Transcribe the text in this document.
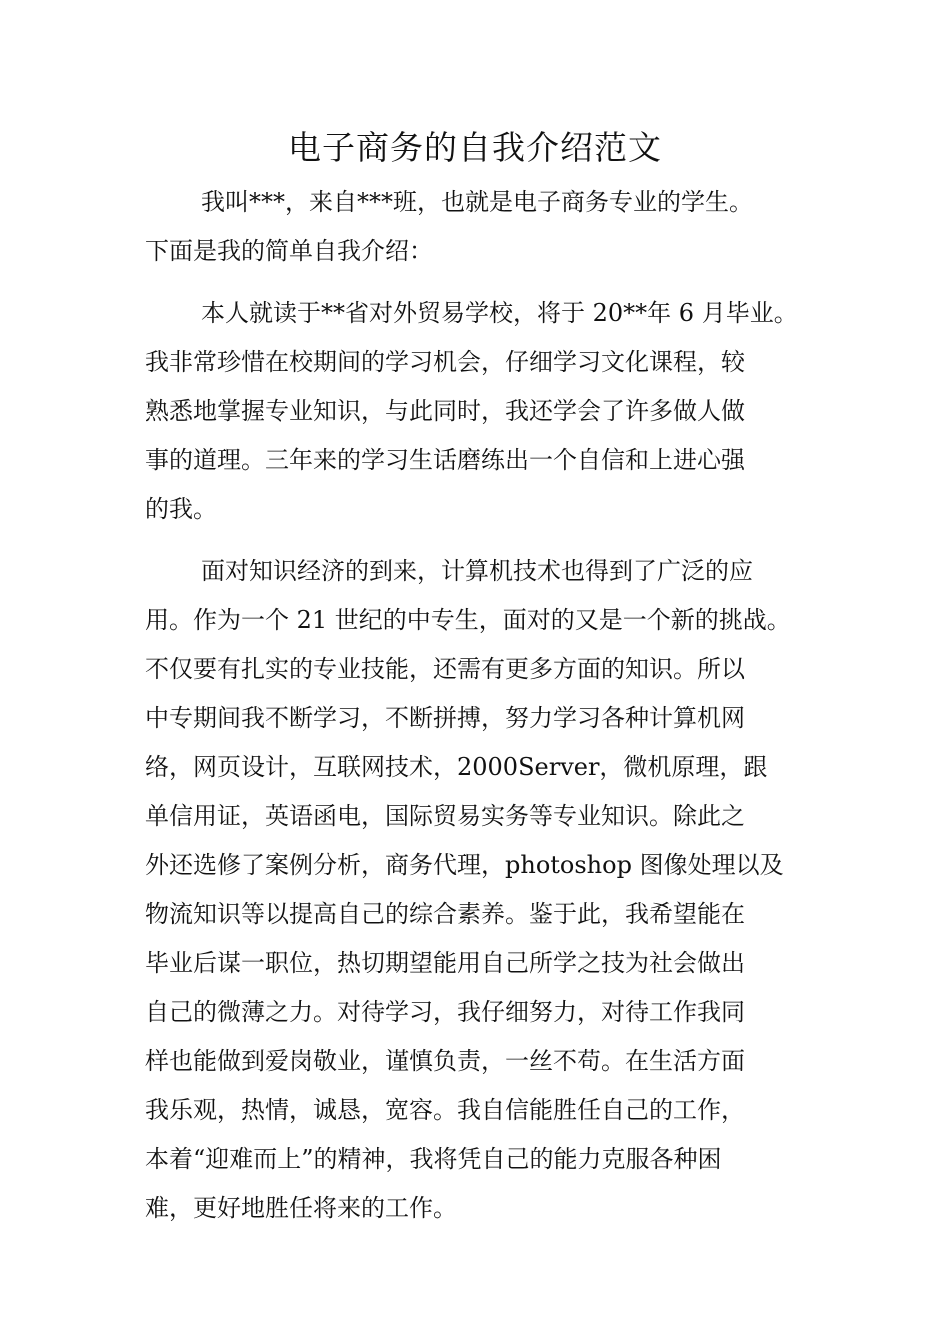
电子商务的自我介绍范文

我叫***，来自***班，也就是电子商务专业的学生。
下面是我的简单自我介绍：

本人就读于**省对外贸易学校，将于 20**年 6 月毕业。
我非常珍惜在校期间的学习机会，仔细学习文化课程，较
熟悉地掌握专业知识，与此同时，我还学会了许多做人做
事的道理。三年来的学习生话磨练出一个自信和上进心强
的我。

面对知识经济的到来，计算机技术也得到了广泛的应
用。作为一个 21 世纪的中专生，面对的又是一个新的挑战。
不仅要有扎实的专业技能，还需有更多方面的知识。所以
中专期间我不断学习，不断拼搏，努力学习各种计算机网
络，网页设计，互联网技术，2000Server，微机原理，跟
单信用证，英语函电，国际贸易实务等专业知识。除此之
外还选修了案例分析，商务代理，photoshop 图像处理以及
物流知识等以提高自己的综合素养。鉴于此，我希望能在
毕业后谋一职位，热切期望能用自己所学之技为社会做出
自己的微薄之力。对待学习，我仔细努力，对待工作我同
样也能做到爱岗敬业，谨慎负责，一丝不苟。在生活方面
我乐观，热情，诚恳，宽容。我自信能胜任自己的工作，
本着“迎难而上”的精神，我将凭自己的能力克服各种困
难，更好地胜任将来的工作。
